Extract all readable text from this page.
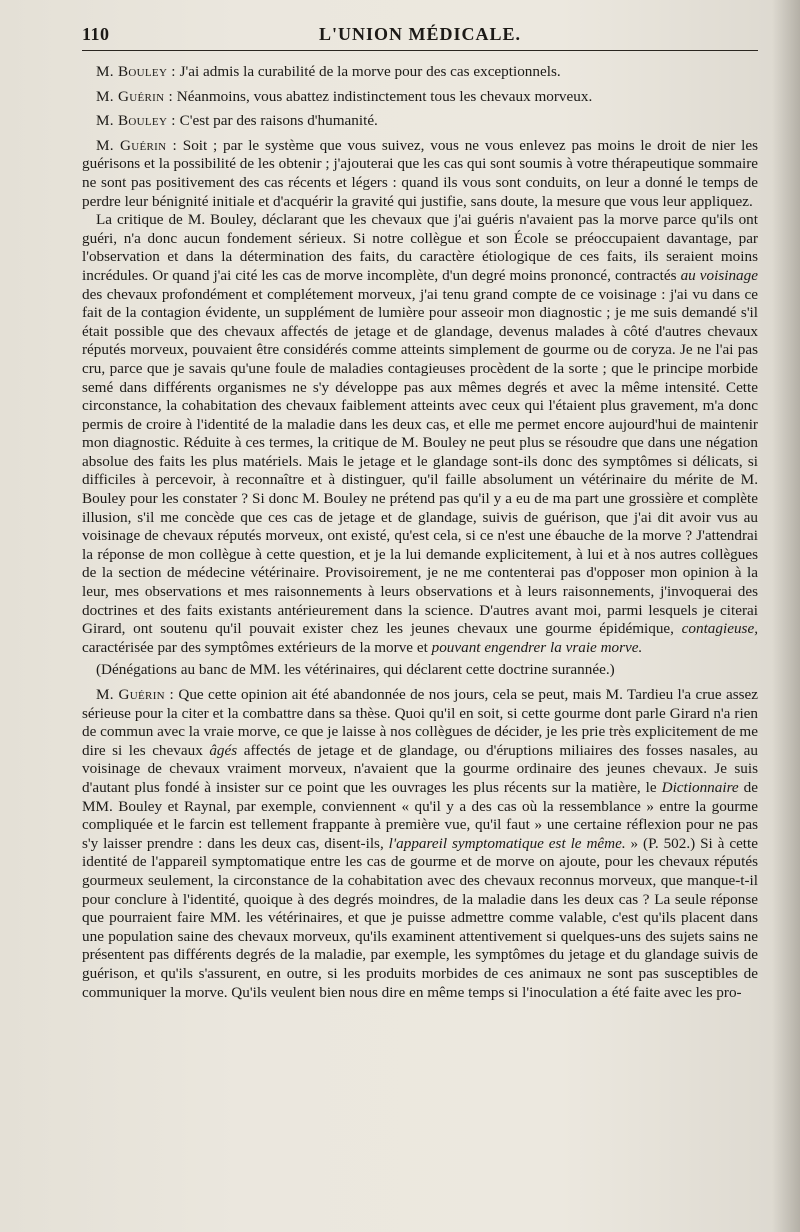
110	L'UNION MÉDICALE.

M. Bouley : J'ai admis la curabilité de la morve pour des cas exceptionnels.

M. Guérin : Néanmoins, vous abattez indistinctement tous les chevaux morveux.

M. Bouley : C'est par des raisons d'humanité.

M. Guérin : Soit ; par le système que vous suivez, vous ne vous enlevez pas moins le droit de nier les guérisons et la possibilité de les obtenir ; j'ajouterai que les cas qui sont soumis à votre thérapeutique sommaire ne sont pas positivement des cas récents et légers : quand ils vous sont conduits, on leur a donné le temps de perdre leur bénignité initiale et d'acquérir la gravité qui justifie, sans doute, la mesure que vous leur appliquez.

La critique de M. Bouley, déclarant que les chevaux que j'ai guéris n'avaient pas la morve parce qu'ils ont guéri, n'a donc aucun fondement sérieux. Si notre collègue et son École se préoccupaient davantage, par l'observation et dans la détermination des faits, du caractère étiologique de ces faits, ils seraient moins incrédules. Or quand j'ai cité les cas de morve incomplète, d'un degré moins prononcé, contractés au voisinage des chevaux profondément et complétement morveux, j'ai tenu grand compte de ce voisinage : j'ai vu dans ce fait de la contagion évidente, un supplément de lumière pour asseoir mon diagnostic ; je me suis demandé s'il était possible que des chevaux affectés de jetage et de glandage, devenus malades à côté d'autres chevaux réputés morveux, pouvaient être considérés comme atteints simplement de gourme ou de coryza. Je ne l'ai pas cru, parce que je savais qu'une foule de maladies contagieuses procèdent de la sorte ; que le principe morbide semé dans différents organismes ne s'y développe pas aux mêmes degrés et avec la même intensité. Cette circonstance, la cohabitation des chevaux faiblement atteints avec ceux qui l'étaient plus gravement, m'a donc permis de croire à l'identité de la maladie dans les deux cas, et elle me permet encore aujourd'hui de maintenir mon diagnostic. Réduite à ces termes, la critique de M. Bouley ne peut plus se résoudre que dans une négation absolue des faits les plus matériels. Mais le jetage et le glandage sont-ils donc des symptômes si délicats, si difficiles à percevoir, à reconnaître et à distinguer, qu'il faille absolument un vétérinaire du mérite de M. Bouley pour les constater ? Si donc M. Bouley ne prétend pas qu'il y a eu de ma part une grossière et complète illusion, s'il me concède que ces cas de jetage et de glandage, suivis de guérison, que j'ai dit avoir vus au voisinage de chevaux réputés morveux, ont existé, qu'est cela, si ce n'est une ébauche de la morve ? J'attendrai la réponse de mon collègue à cette question, et je la lui demande explicitement, à lui et à nos autres collègues de la section de médecine vétérinaire. Provisoirement, je ne me contenterai pas d'opposer mon opinion à la leur, mes observations et mes raisonnements à leurs observations et à leurs raisonnements, j'invoquerai des doctrines et des faits existants antérieurement dans la science. D'autres avant moi, parmi lesquels je citerai Girard, ont soutenu qu'il pouvait exister chez les jeunes chevaux une gourme épidémique, contagieuse, caractérisée par des symptômes extérieurs de la morve et pouvant engendrer la vraie morve.

(Dénégations au banc de MM. les vétérinaires, qui déclarent cette doctrine surannée.)

M. Guérin : Que cette opinion ait été abandonnée de nos jours, cela se peut, mais M. Tardieu l'a crue assez sérieuse pour la citer et la combattre dans sa thèse. Quoi qu'il en soit, si cette gourme dont parle Girard n'a rien de commun avec la vraie morve, ce que je laisse à nos collègues de décider, je les prie très explicitement de me dire si les chevaux âgés affectés de jetage et de glandage, ou d'éruptions miliaires des fosses nasales, au voisinage de chevaux vraiment morveux, n'avaient que la gourme ordinaire des jeunes chevaux. Je suis d'autant plus fondé à insister sur ce point que les ouvrages les plus récents sur la matière, le Dictionnaire de MM. Bouley et Raynal, par exemple, conviennent « qu'il y a des cas où la ressemblance » entre la gourme compliquée et le farcin est tellement frappante à première vue, qu'il faut » une certaine réflexion pour ne pas s'y laisser prendre : dans les deux cas, disent-ils, l'appareil symptomatique est le même. » (P. 502.) Si à cette identité de l'appareil symptomatique entre les cas de gourme et de morve on ajoute, pour les chevaux réputés gourmeux seulement, la circonstance de la cohabitation avec des chevaux reconnus morveux, que manque-t-il pour conclure à l'identité, quoique à des degrés moindres, de la maladie dans les deux cas ? La seule réponse que pourraient faire MM. les vétérinaires, et que je puisse admettre comme valable, c'est qu'ils placent dans une population saine des chevaux morveux, qu'ils examinent attentivement si quelques-uns des sujets sains ne présentent pas différents degrés de la maladie, par exemple, les symptômes du jetage et du glandage suivis de guérison, et qu'ils s'assurent, en outre, si les produits morbides de ces animaux ne sont pas susceptibles de communiquer la morve. Qu'ils veulent bien nous dire en même temps si l'inoculation a été faite avec les pro-
